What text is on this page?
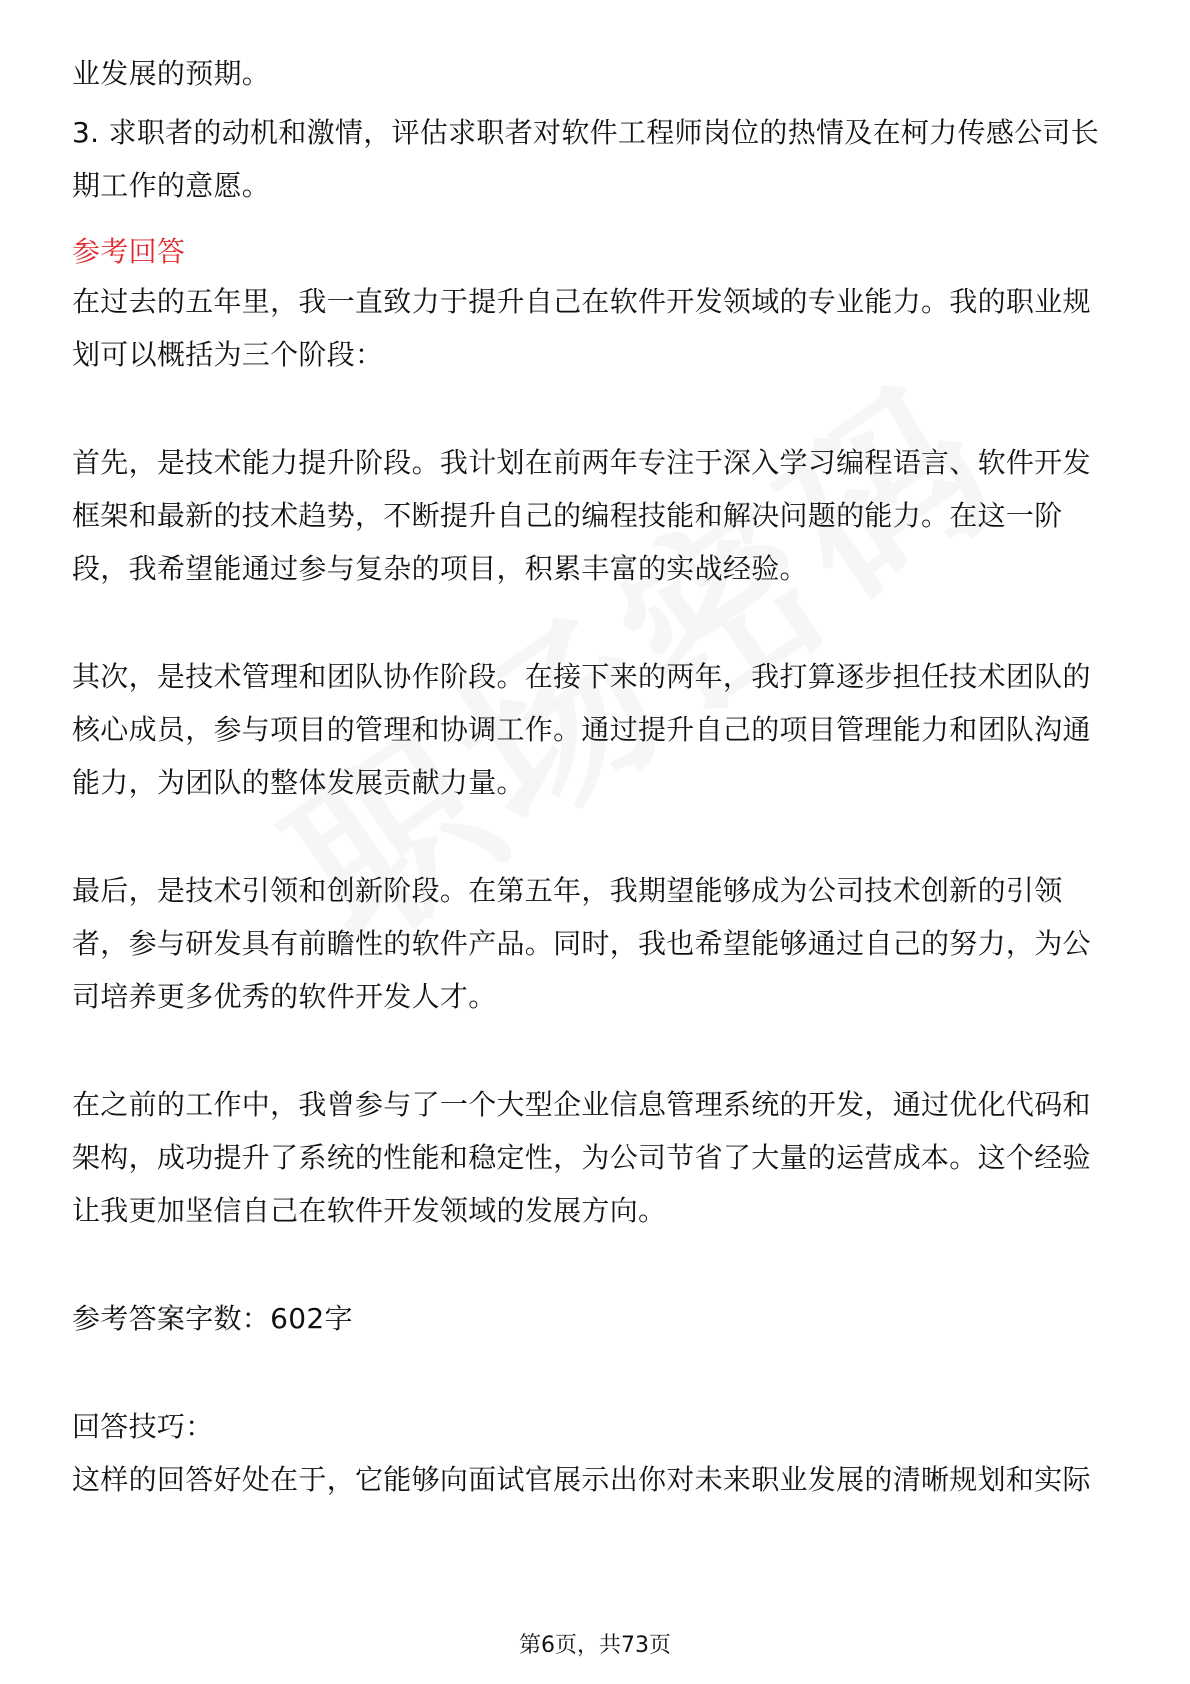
业发展的预期。
3. 求职者的动机和激情，评估求职者对软件工程师岗位的热情及在柯力传感公司长
期工作的意愿。
参考回答
在过去的五年里，我一直致力于提升自己在软件开发领域的专业能力。我的职业规
划可以概括为三个阶段：
首先，是技术能力提升阶段。我计划在前两年专注于深入学习编程语言、软件开发
框架和最新的技术趋势，不断提升自己的编程技能和解决问题的能力。在这一阶
段，我希望能通过参与复杂的项目，积累丰富的实战经验。
其次，是技术管理和团队协作阶段。在接下来的两年，我打算逐步担任技术团队的
核心成员，参与项目的管理和协调工作。通过提升自己的项目管理能力和团队沟通
能力，为团队的整体发展贡献力量。
最后，是技术引领和创新阶段。在第五年，我期望能够成为公司技术创新的引领
者，参与研发具有前瞻性的软件产品。同时，我也希望能够通过自己的努力，为公
司培养更多优秀的软件开发人才。
在之前的工作中，我曾参与了一个大型企业信息管理系统的开发，通过优化代码和
架构，成功提升了系统的性能和稳定性，为公司节省了大量的运营成本。这个经验
让我更加坚信自己在软件开发领域的发展方向。
参考答案字数：602字
回答技巧：
这样的回答好处在于，它能够向面试官展示出你对未来职业发展的清晰规划和实际
第6页，共73页
